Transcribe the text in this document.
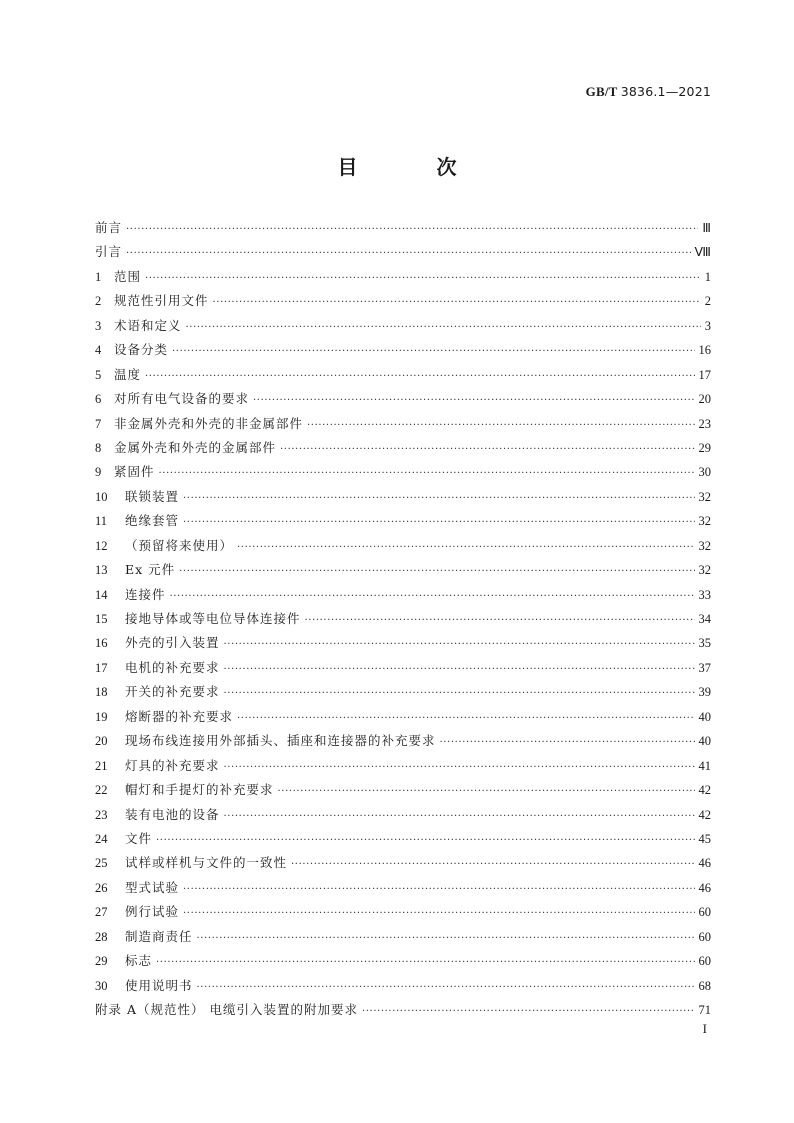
GB/T 3836.1—2021
目 次
前言 ·····	Ⅲ
引言 ·····	Ⅷ
1	范围 ·····	1
2	规范性引用文件 ·····	2
3	术语和定义 ·····	3
4	设备分类 ·····	16
5	温度 ·····	17
6	对所有电气设备的要求 ·····	20
7	非金属外壳和外壳的非金属部件 ·····	23
8	金属外壳和外壳的金属部件 ·····	29
9	紧固件 ·····	30
10	联锁装置 ·····	32
11	绝缘套管 ·····	32
12	（预留将来使用） ·····	32
13	Ex 元件 ·····	32
14	连接件 ·····	33
15	接地导体或等电位导体连接件 ·····	34
16	外壳的引入装置 ·····	35
17	电机的补充要求 ·····	37
18	开关的补充要求 ·····	39
19	熔断器的补充要求 ·····	40
20	现场布线连接用外部插头、插座和连接器的补充要求 ·····	40
21	灯具的补充要求 ·····	41
22	帽灯和手提灯的补充要求 ·····	42
23	装有电池的设备 ·····	42
24	文件 ·····	45
25	试样或样机与文件的一致性 ·····	46
26	型式试验 ·····	46
27	例行试验 ·····	60
28	制造商责任 ·····	60
29	标志 ·····	60
30	使用说明书 ·····	68
附录 A（规范性） 电缆引入装置的附加要求 ·····	71
I
